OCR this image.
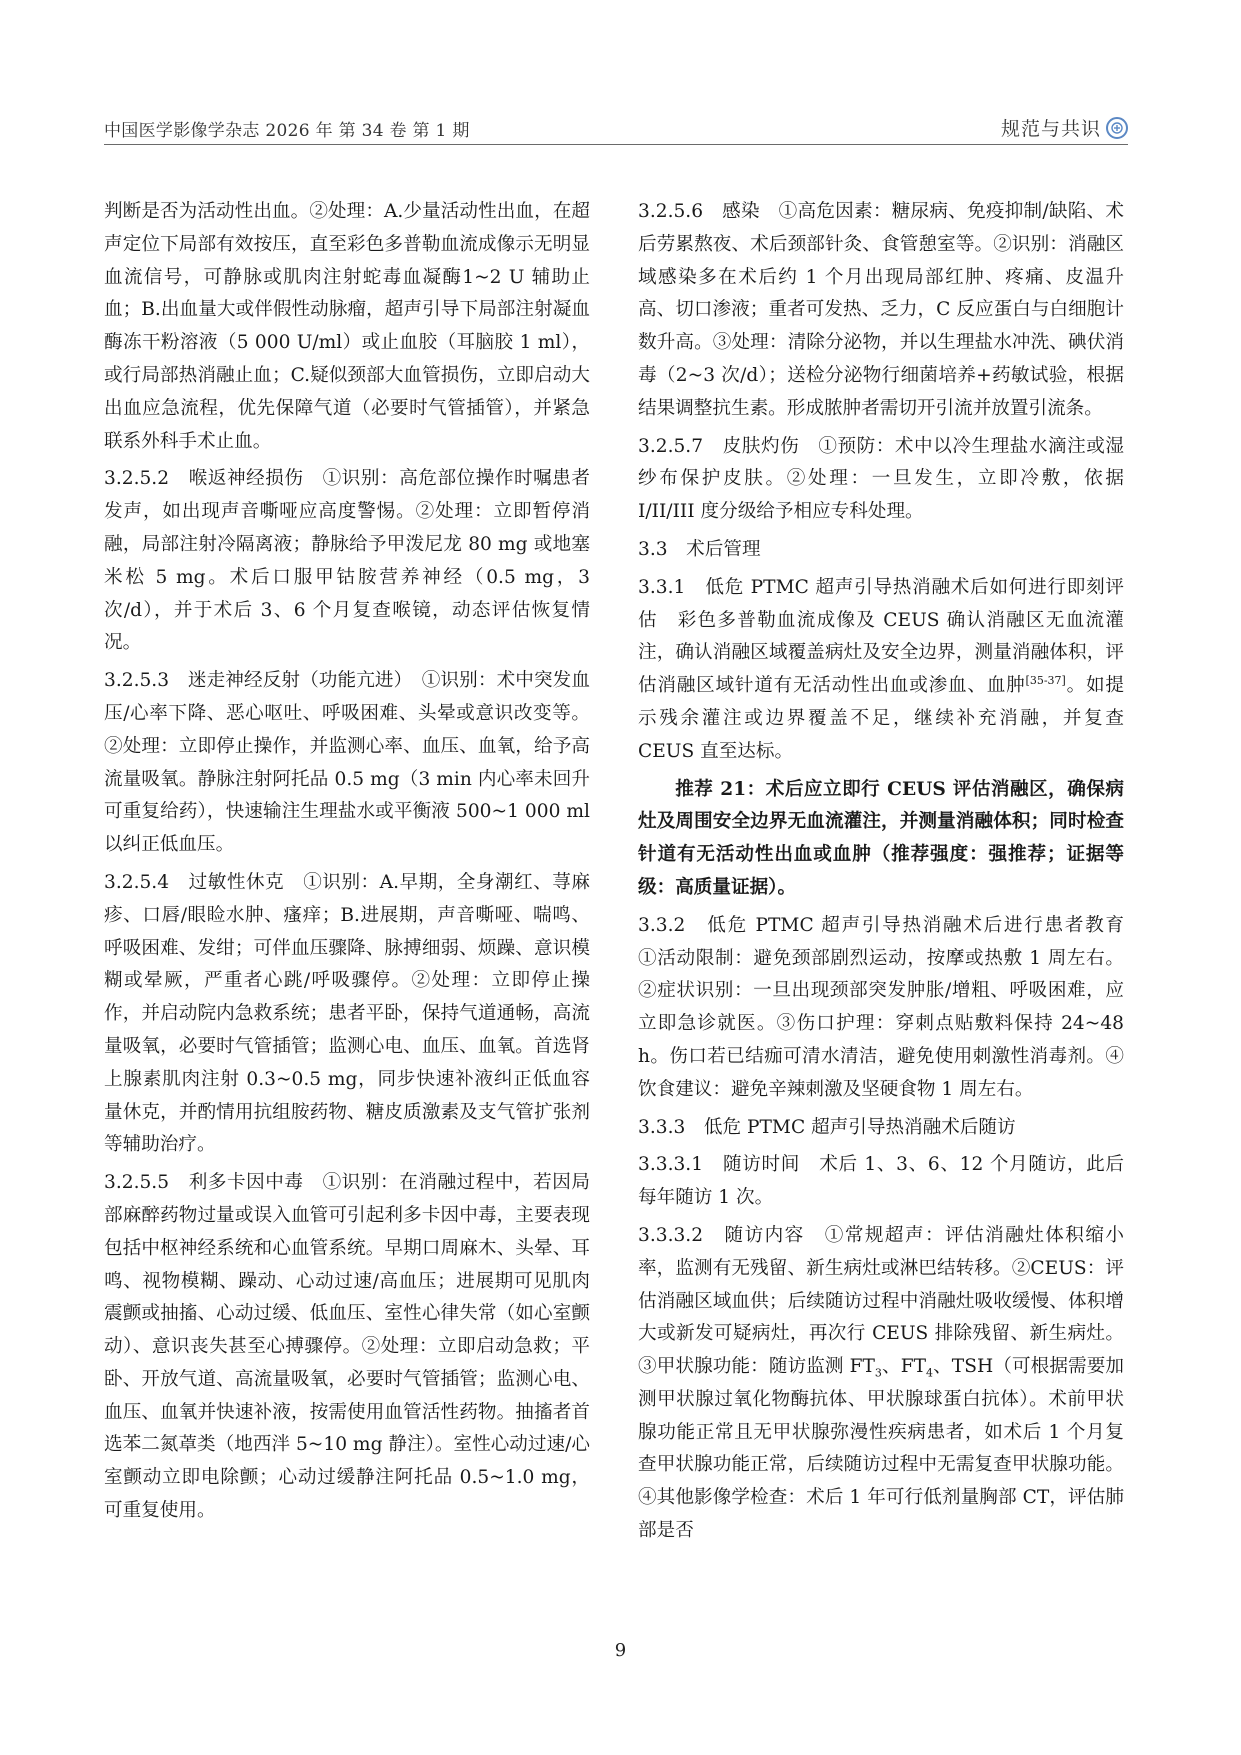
中国医学影像学杂志 2026 年 第 34 卷 第 1 期	规范与共识

判断是否为活动性出血。②处理：A.少量活动性出血，在超声定位下局部有效按压，直至彩色多普勒血流成像示无明显血流信号，可静脉或肌肉注射蛇毒血凝酶1~2 U 辅助止血；B.出血量大或伴假性动脉瘤，超声引导下局部注射凝血酶冻干粉溶液（5 000 U/ml）或止血胶（耳脑胶 1 ml），或行局部热消融止血；C.疑似颈部大血管损伤，立即启动大出血应急流程，优先保障气道（必要时气管插管），并紧急联系外科手术止血。

3.2.5.2　喉返神经损伤　①识别：高危部位操作时嘱患者发声，如出现声音嘶哑应高度警惕。②处理：立即暂停消融，局部注射冷隔离液；静脉给予甲泼尼龙 80 mg 或地塞米松 5 mg。术后口服甲钴胺营养神经（0.5 mg，3 次/d），并于术后 3、6 个月复查喉镜，动态评估恢复情况。

3.2.5.3　迷走神经反射（功能亢进）　①识别：术中突发血压/心率下降、恶心呕吐、呼吸困难、头晕或意识改变等。②处理：立即停止操作，并监测心率、血压、血氧，给予高流量吸氧。静脉注射阿托品 0.5 mg（3 min 内心率未回升可重复给药），快速输注生理盐水或平衡液 500~1 000 ml 以纠正低血压。

3.2.5.4　过敏性休克　①识别：A.早期，全身潮红、荨麻疹、口唇/眼睑水肿、瘙痒；B.进展期，声音嘶哑、喘鸣、呼吸困难、发绀；可伴血压骤降、脉搏细弱、烦躁、意识模糊或晕厥，严重者心跳/呼吸骤停。②处理：立即停止操作，并启动院内急救系统；患者平卧，保持气道通畅，高流量吸氧，必要时气管插管；监测心电、血压、血氧。首选肾上腺素肌肉注射 0.3~0.5 mg，同步快速补液纠正低血容量休克，并酌情用抗组胺药物、糖皮质激素及支气管扩张剂等辅助治疗。

3.2.5.5　利多卡因中毒　①识别：在消融过程中，若因局部麻醉药物过量或误入血管可引起利多卡因中毒，主要表现包括中枢神经系统和心血管系统。早期口周麻木、头晕、耳鸣、视物模糊、躁动、心动过速/高血压；进展期可见肌肉震颤或抽搐、心动过缓、低血压、室性心律失常（如心室颤动）、意识丧失甚至心搏骤停。②处理：立即启动急救；平卧、开放气道、高流量吸氧，必要时气管插管；监测心电、血压、血氧并快速补液，按需使用血管活性药物。抽搐者首选苯二氮䓬类（地西泮 5~10 mg 静注）。室性心动过速/心室颤动立即电除颤；心动过缓静注阿托品 0.5~1.0 mg，可重复使用。

3.2.5.6　感染　①高危因素：糖尿病、免疫抑制/缺陷、术后劳累熬夜、术后颈部针灸、食管憩室等。②识别：消融区域感染多在术后约 1 个月出现局部红肿、疼痛、皮温升高、切口渗液；重者可发热、乏力，C 反应蛋白与白细胞计数升高。③处理：清除分泌物，并以生理盐水冲洗、碘伏消毒（2~3 次/d）；送检分泌物行细菌培养+药敏试验，根据结果调整抗生素。形成脓肿者需切开引流并放置引流条。

3.2.5.7　皮肤灼伤　①预防：术中以冷生理盐水滴注或湿纱布保护皮肤。②处理：一旦发生，立即冷敷，依据 I/II/III 度分级给予相应专科处理。

3.3　术后管理

3.3.1　低危 PTMC 超声引导热消融术后如何进行即刻评估　彩色多普勒血流成像及 CEUS 确认消融区无血流灌注，确认消融区域覆盖病灶及安全边界，测量消融体积，评估消融区域针道有无活动性出血或渗血、血肿[35-37]。如提示残余灌注或边界覆盖不足，继续补充消融，并复查 CEUS 直至达标。

推荐 21：术后应立即行 CEUS 评估消融区，确保病灶及周围安全边界无血流灌注，并测量消融体积；同时检查针道有无活动性出血或血肿（推荐强度：强推荐；证据等级：高质量证据）。

3.3.2　低危 PTMC 超声引导热消融术后进行患者教育　①活动限制：避免颈部剧烈运动，按摩或热敷 1 周左右。②症状识别：一旦出现颈部突发肿胀/增粗、呼吸困难，应立即急诊就医。③伤口护理：穿刺点贴敷料保持 24~48 h。伤口若已结痂可清水清洁，避免使用刺激性消毒剂。④饮食建议：避免辛辣刺激及坚硬食物 1 周左右。

3.3.3　低危 PTMC 超声引导热消融术后随访

3.3.3.1　随访时间　术后 1、3、6、12 个月随访，此后每年随访 1 次。

3.3.3.2　随访内容　①常规超声：评估消融灶体积缩小率，监测有无残留、新生病灶或淋巴结转移。②CEUS：评估消融区域血供；后续随访过程中消融灶吸收缓慢、体积增大或新发可疑病灶，再次行 CEUS 排除残留、新生病灶。③甲状腺功能：随访监测 $FT_3$、$FT_4$、TSH（可根据需要加测甲状腺过氧化物酶抗体、甲状腺球蛋白抗体）。术前甲状腺功能正常且无甲状腺弥漫性疾病患者，如术后 1 个月复查甲状腺功能正常，后续随访过程中无需复查甲状腺功能。④其他影像学检查：术后 1 年可行低剂量胸部 CT，评估肺部是否

9
